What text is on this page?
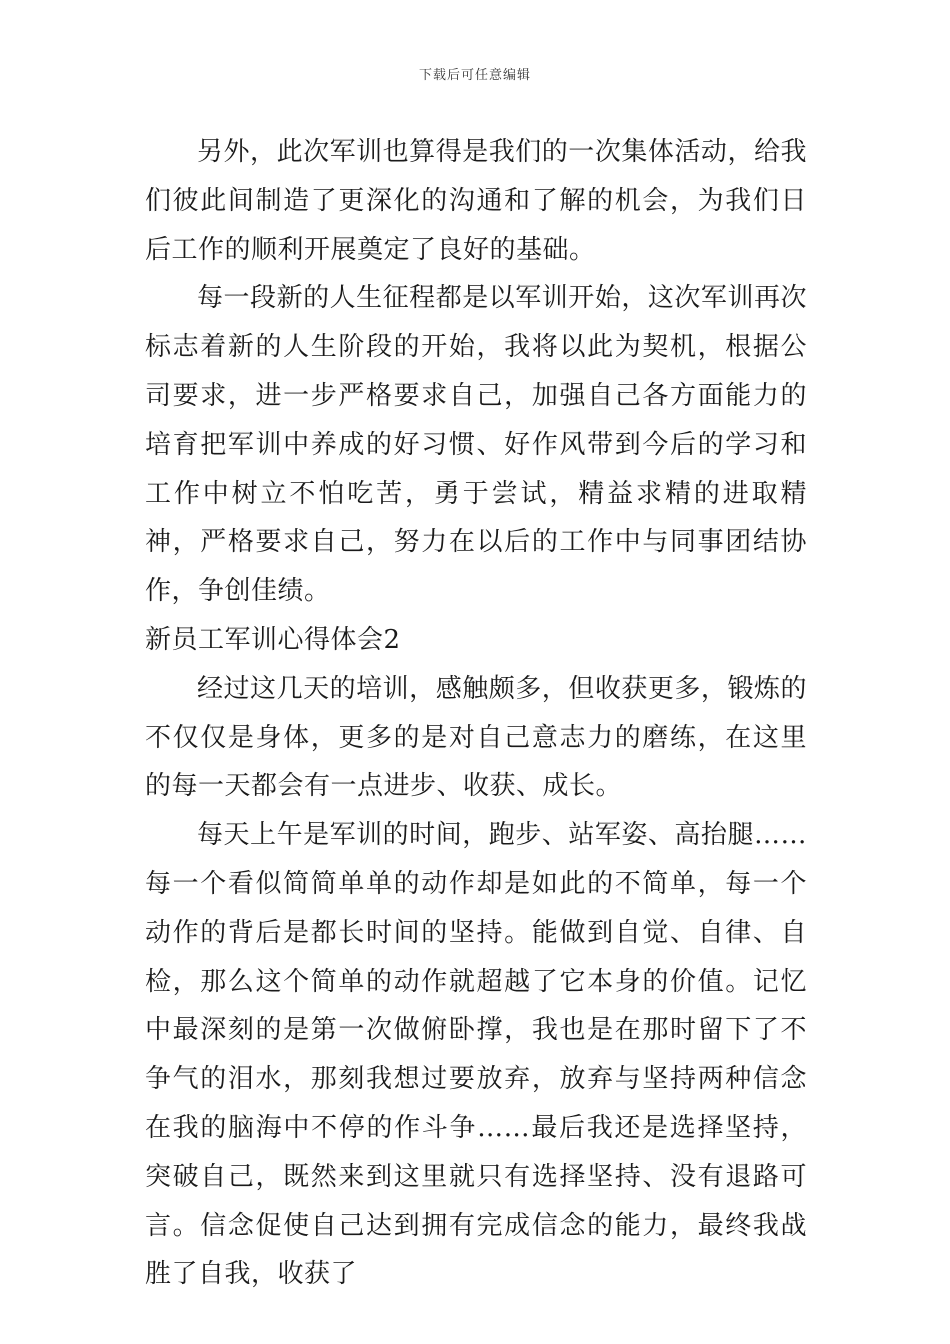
下载后可任意编辑

另外，此次军训也算得是我们的一次集体活动，给我们彼此间制造了更深化的沟通和了解的机会，为我们日后工作的顺利开展奠定了良好的基础。

每一段新的人生征程都是以军训开始，这次军训再次标志着新的人生阶段的开始，我将以此为契机，根据公司要求，进一步严格要求自己，加强自己各方面能力的培育把军训中养成的好习惯、好作风带到今后的学习和工作中树立不怕吃苦，勇于尝试，精益求精的进取精神，严格要求自己，努力在以后的工作中与同事团结协作，争创佳绩。

新员工军训心得体会2

经过这几天的培训，感触颇多，但收获更多，锻炼的不仅仅是身体，更多的是对自己意志力的磨练，在这里的每一天都会有一点进步、收获、成长。

每天上午是军训的时间，跑步、站军姿、高抬腿……每一个看似简简单单的动作却是如此的不简单，每一个动作的背后是都长时间的坚持。能做到自觉、自律、自检，那么这个简单的动作就超越了它本身的价值。记忆中最深刻的是第一次做俯卧撑，我也是在那时留下了不争气的泪水，那刻我想过要放弃，放弃与坚持两种信念在我的脑海中不停的作斗争……最后我还是选择坚持，突破自己，既然来到这里就只有选择坚持、没有退路可言。信念促使自己达到拥有完成信念的能力，最终我战胜了自我，收获了
